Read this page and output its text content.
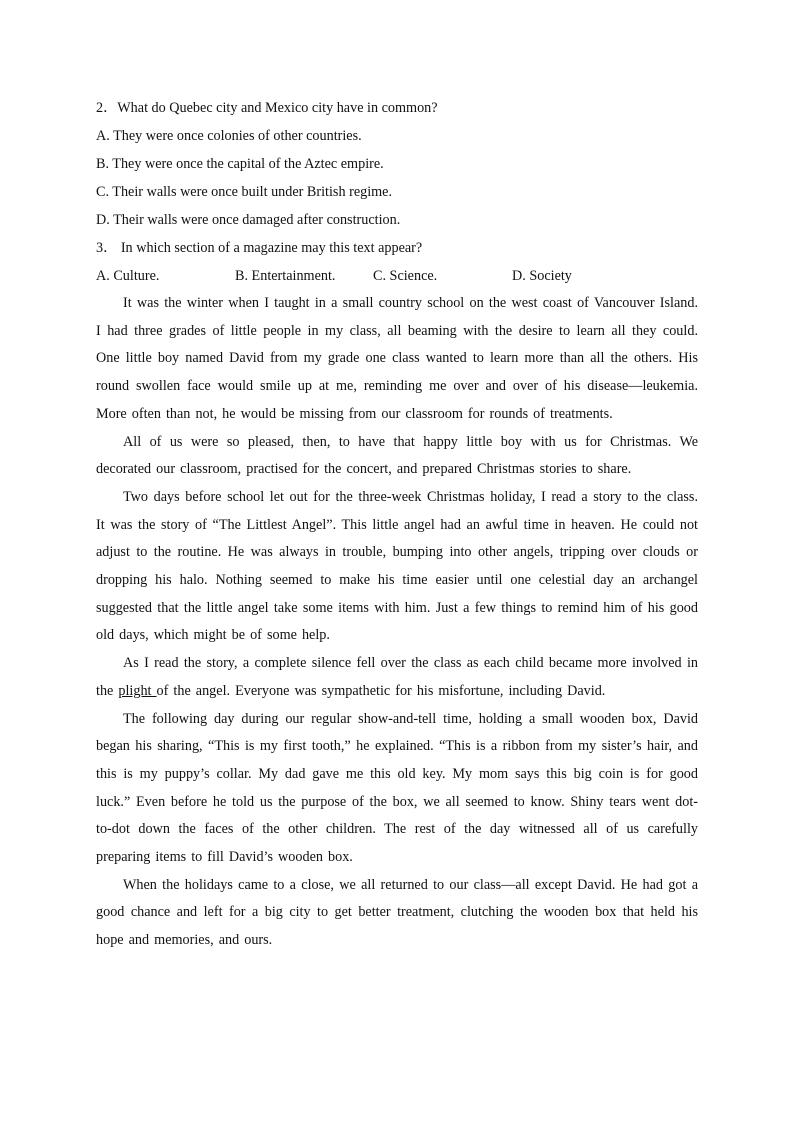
2．What do Quebec city and Mexico city have in common?

A. They were once colonies of other countries.

B. They were once the capital of the Aztec empire.

C. Their walls were once built under British regime.

D. Their walls were once damaged after construction.

3． In which section of a magazine may this text appear?

A. Culture.	B. Entertainment.	C. Science.	D. Society

It was the winter when I taught in a small country school on the west coast of Vancouver Island. I had three grades of little people in my class, all beaming with the desire to learn all they could. One little boy named David from my grade one class wanted to learn more than all the others. His round swollen face would smile up at me, reminding me over and over of his disease—leukemia. More often than not, he would be missing from our classroom for rounds of treatments.

All of us were so pleased, then, to have that happy little boy with us for Christmas. We decorated our classroom, practised for the concert, and prepared Christmas stories to share.

Two days before school let out for the three-week Christmas holiday, I read a story to the class. It was the story of “The Littlest Angel”. This little angel had an awful time in heaven. He could not adjust to the routine. He was always in trouble, bumping into other angels, tripping over clouds or dropping his halo. Nothing seemed to make his time easier until one celestial day an archangel suggested that the little angel take some items with him. Just a few things to remind him of his good old days, which might be of some help.

As I read the story, a complete silence fell over the class as each child became more involved in the plight of the angel. Everyone was sympathetic for his misfortune, including David.

The following day during our regular show-and-tell time, holding a small wooden box, David began his sharing, “This is my first tooth,” he explained. “This is a ribbon from my sister’s hair, and this is my puppy’s collar. My dad gave me this old key. My mom says this big coin is for good luck.” Even before he told us the purpose of the box, we all seemed to know. Shiny tears went dot-to-dot down the faces of the other children. The rest of the day witnessed all of us carefully preparing items to fill David’s wooden box.

When the holidays came to a close, we all returned to our class—all except David. He had got a good chance and left for a big city to get better treatment, clutching the wooden box that held his hope and memories, and ours.
